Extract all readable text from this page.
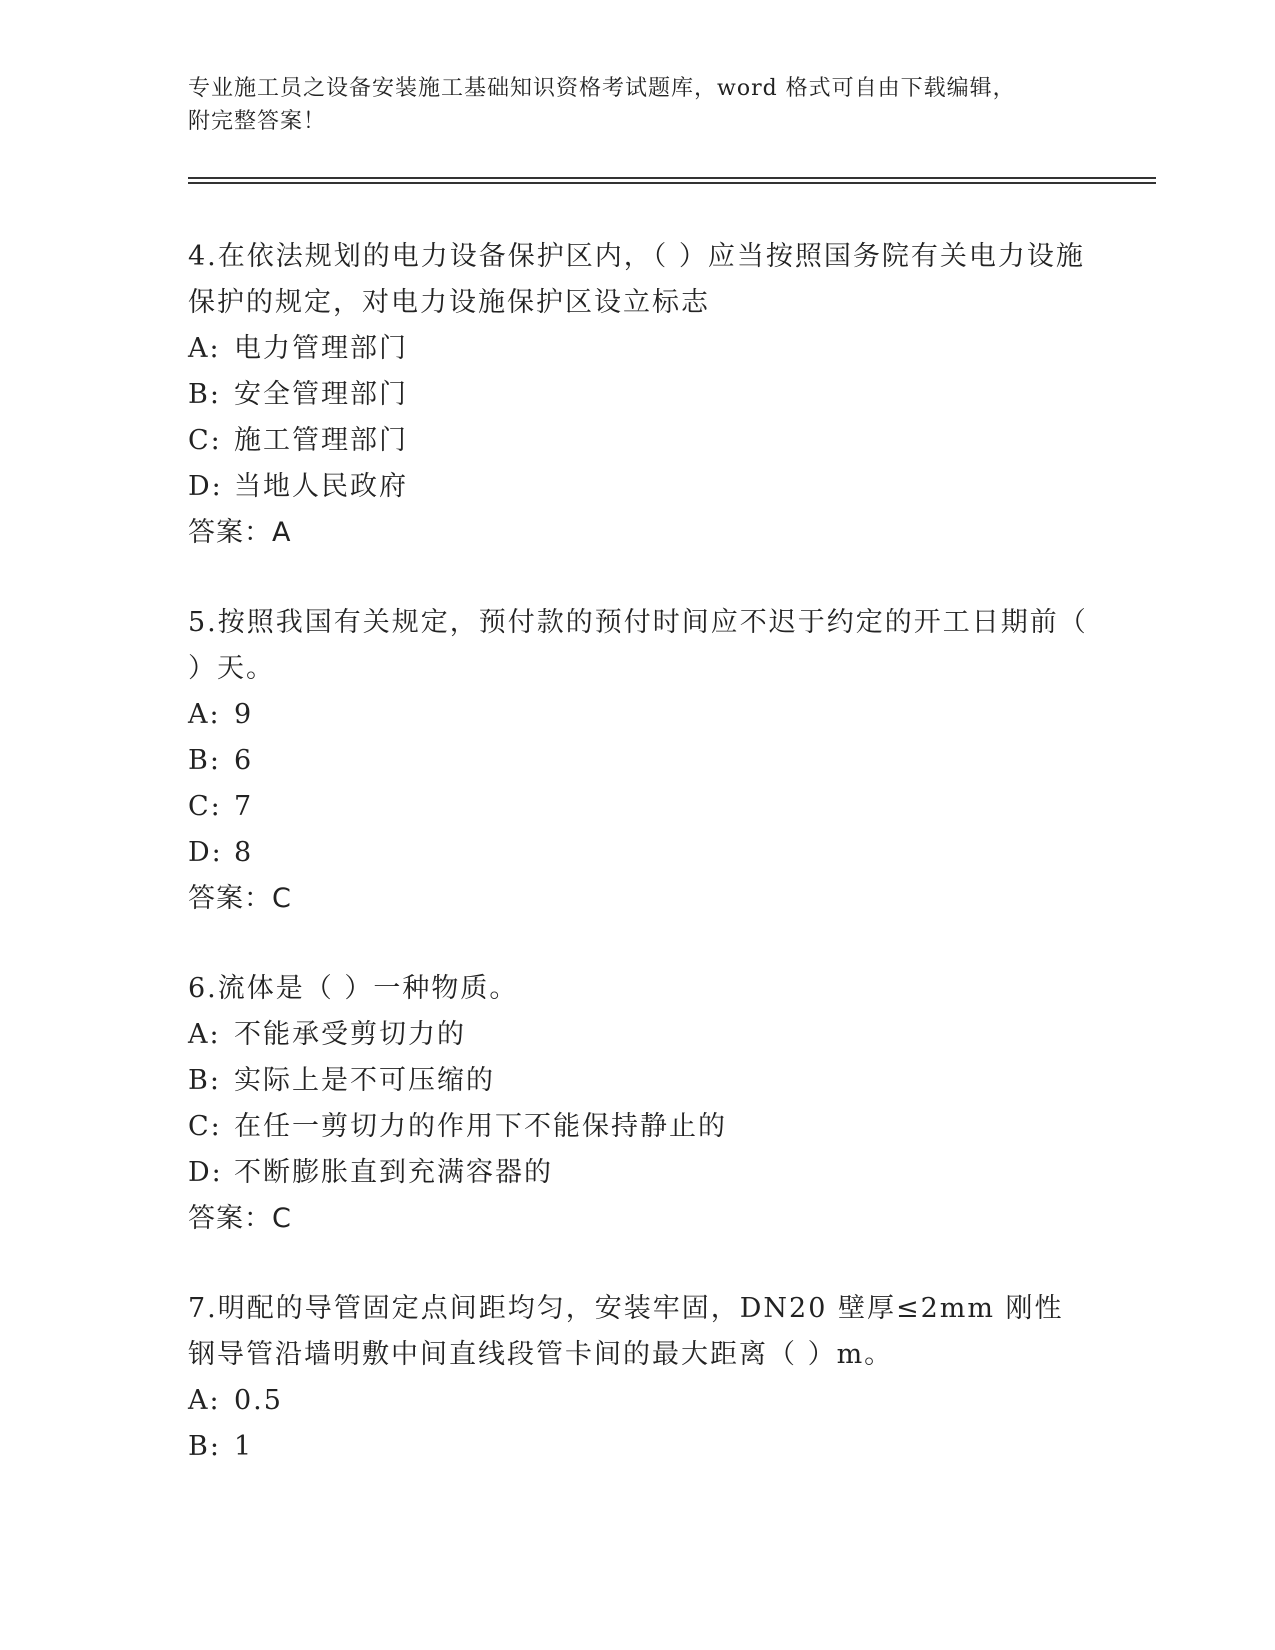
专业施工员之设备安装施工基础知识资格考试题库，word 格式可自由下载编辑，
附完整答案！

4.在依法规划的电力设备保护区内，（ ）应当按照国务院有关电力设施保护的规定，对电力设施保护区设立标志

A: 电力管理部门

B: 安全管理部门

C: 施工管理部门

D: 当地人民政府

答案：A

5.按照我国有关规定，预付款的预付时间应不迟于约定的开工日期前（ ）天。

A: 9

B: 6

C: 7

D: 8

答案：C

6.流体是（ ）一种物质。

A: 不能承受剪切力的

B: 实际上是不可压缩的

C: 在任一剪切力的作用下不能保持静止的

D: 不断膨胀直到充满容器的

答案：C

7.明配的导管固定点间距均匀，安装牢固，DN20 壁厚≤2mm 刚性钢导管沿墙明敷中间直线段管卡间的最大距离（ ）m。

A: 0.5

B: 1
